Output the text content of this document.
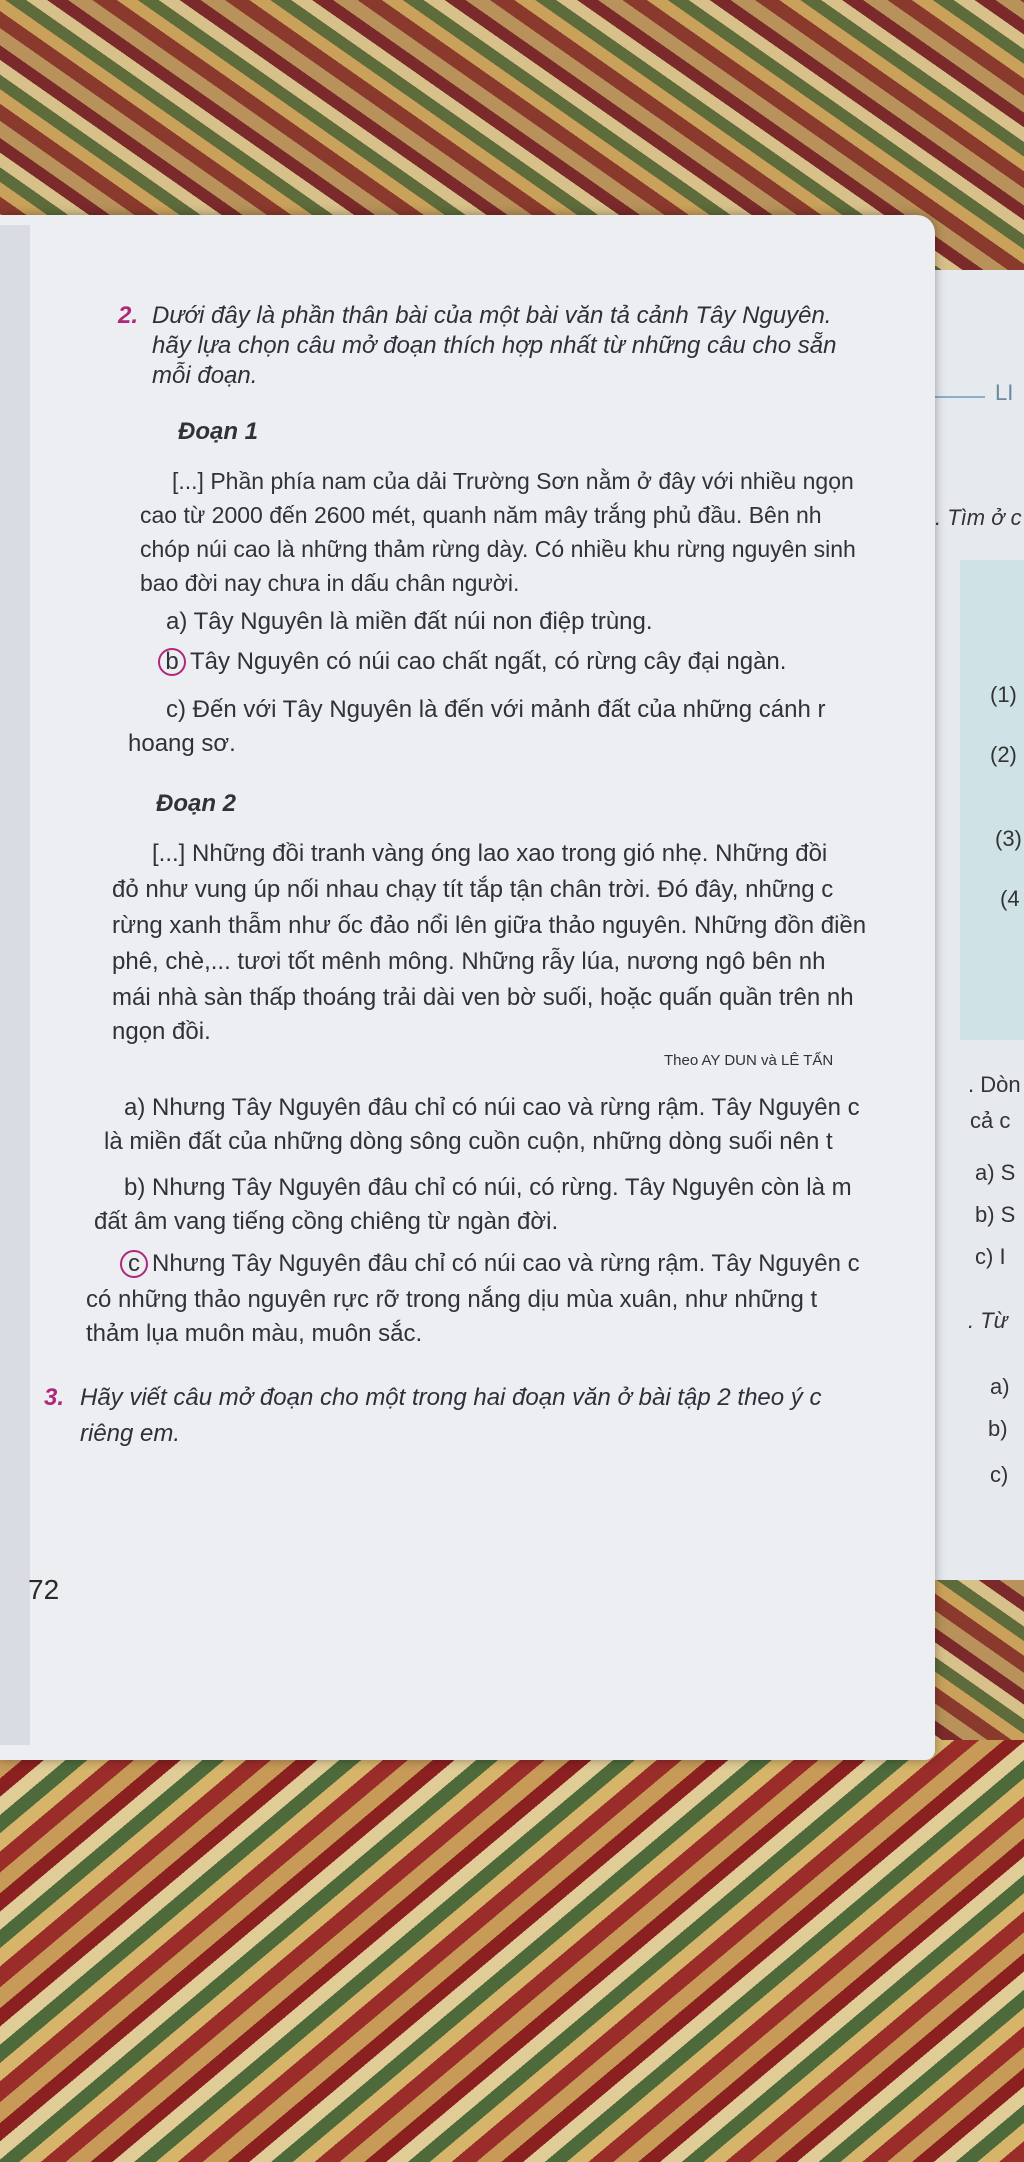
LI
. Tìm ở c
(1)
(2)
(3)
(4
. Dòn
cả c
a) S
b) S
c) I
. Từ
a)
b)
c)
2. Dưới đây là phần thân bài của một bài văn tả cảnh Tây Nguyên.
hãy lựa chọn câu mở đoạn thích hợp nhất từ những câu cho sẵn
mỗi đoạn.
Đoạn 1
[...] Phần phía nam của dải Trường Sơn nằm ở đây với nhiều ngọn
cao từ 2000 đến 2600 mét, quanh năm mây trắng phủ đầu. Bên nh
chóp núi cao là những thảm rừng dày. Có nhiều khu rừng nguyên sinh
bao đời nay chưa in dấu chân người.
a) Tây Nguyên là miền đất núi non điệp trùng.
b Tây Nguyên có núi cao chất ngất, có rừng cây đại ngàn.
c) Đến với Tây Nguyên là đến với mảnh đất của những cánh r
hoang sơ.
Đoạn 2
[...] Những đồi tranh vàng óng lao xao trong gió nhẹ. Những đồi
đỏ như vung úp nối nhau chạy tít tắp tận chân trời. Đó đây, những c
rừng xanh thẫm như ốc đảo nổi lên giữa thảo nguyên. Những đồn điền
phê, chè,... tươi tốt mênh mông. Những rẫy lúa, nương ngô bên nh
mái nhà sàn thấp thoáng trải dài ven bờ suối, hoặc quấn quần trên nh
ngọn đồi.
Theo AY DUN và LÊ TẤN
a) Nhưng Tây Nguyên đâu chỉ có núi cao và rừng rậm. Tây Nguyên c
là miền đất của những dòng sông cuồn cuộn, những dòng suối nên t
b) Nhưng Tây Nguyên đâu chỉ có núi, có rừng. Tây Nguyên còn là m
đất âm vang tiếng cồng chiêng từ ngàn đời.
c Nhưng Tây Nguyên đâu chỉ có núi cao và rừng rậm. Tây Nguyên c
có những thảo nguyên rực rỡ trong nắng dịu mùa xuân, như những t
thảm lụa muôn màu, muôn sắc.
3. Hãy viết câu mở đoạn cho một trong hai đoạn văn ở bài tập 2 theo ý c
riêng em.
72
